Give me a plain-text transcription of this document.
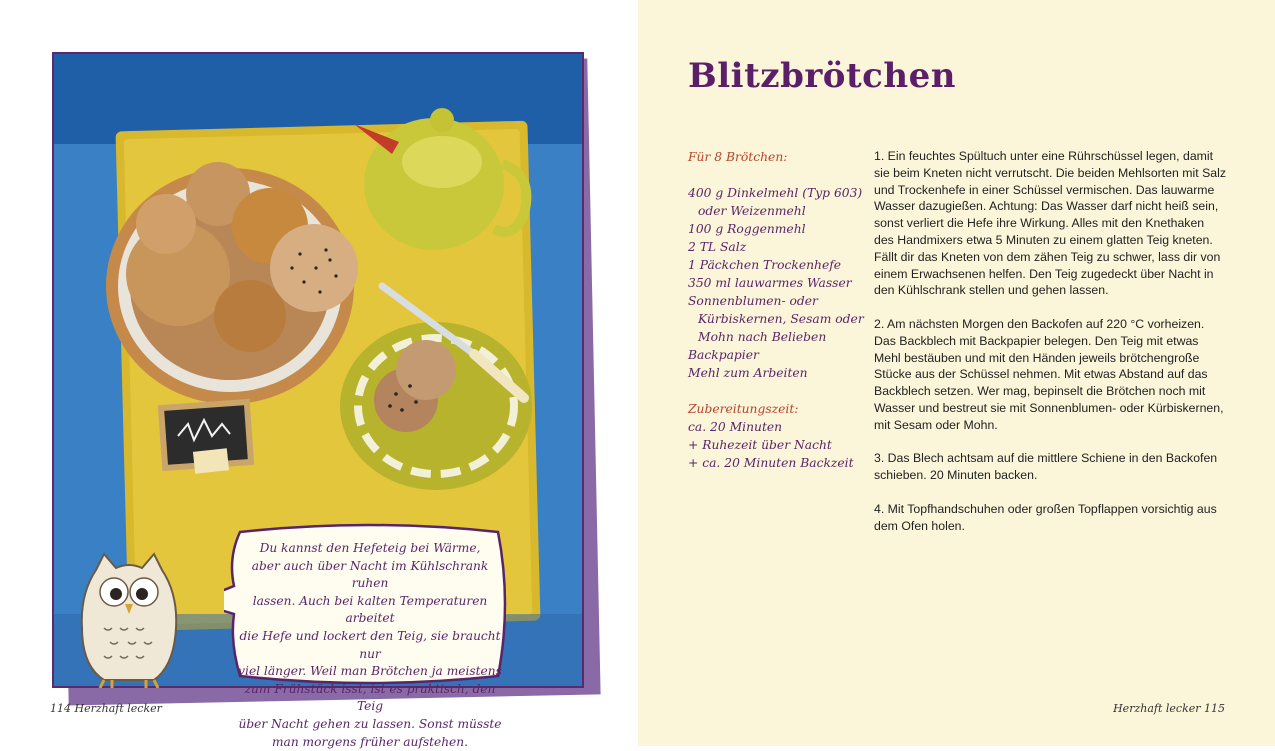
Du kannst den Hefeteig bei Wärme,
aber auch über Nacht im Kühlschrank ruhen
lassen. Auch bei kalten Temperaturen arbeitet
die Hefe und lockert den Teig, sie braucht nur
viel länger. Weil man Brötchen ja meistens
zum Frühstück isst, ist es praktisch, den Teig
über Nacht gehen zu lassen. Sonst müsste
man morgens früher aufstehen.
114 Herzhaft lecker
Blitzbrötchen
Für 8 Brötchen:
400 g Dinkelmehl (Typ 603)
oder Weizenmehl
100 g Roggenmehl
2 TL Salz
1 Päckchen Trockenhefe
350 ml lauwarmes Wasser
Sonnenblumen- oder
Kürbiskernen, Sesam oder
Mohn nach Belieben
Backpapier
Mehl zum Arbeiten
Zubereitungszeit:
ca. 20 Minuten
+ Ruhezeit über Nacht
+ ca. 20 Minuten Backzeit

1. Ein feuchtes Spültuch unter eine Rührschüssel legen, damit sie beim Kneten nicht verrutscht. Die beiden Mehlsorten mit Salz und Trockenhefe in einer Schüssel vermischen. Das lauwarme Wasser dazugießen. Achtung: Das Wasser darf nicht heiß sein, sonst verliert die Hefe ihre Wirkung. Alles mit den Knethaken des Handmixers etwa 5 Minuten zu einem glatten Teig kneten. Fällt dir das Kneten von dem zähen Teig zu schwer, lass dir von einem Erwachsenen helfen. Den Teig zugedeckt über Nacht in den Kühlschrank stellen und gehen lassen.

2. Am nächsten Morgen den Backofen auf 220 °C vorheizen. Das Backblech mit Backpapier belegen. Den Teig mit etwas Mehl bestäuben und mit den Händen jeweils brötchengroße Stücke aus der Schüssel nehmen. Mit etwas Abstand auf das Backblech setzen. Wer mag, bepinselt die Brötchen noch mit Wasser und bestreut sie mit Sonnenblumen- oder Kürbiskernen, mit Sesam oder Mohn.

3. Das Blech achtsam auf die mittlere Schiene in den Backofen schieben. 20 Minuten backen.

4. Mit Topfhandschuhen oder großen Topflappen vorsichtig aus dem Ofen holen.

Herzhaft lecker 115
